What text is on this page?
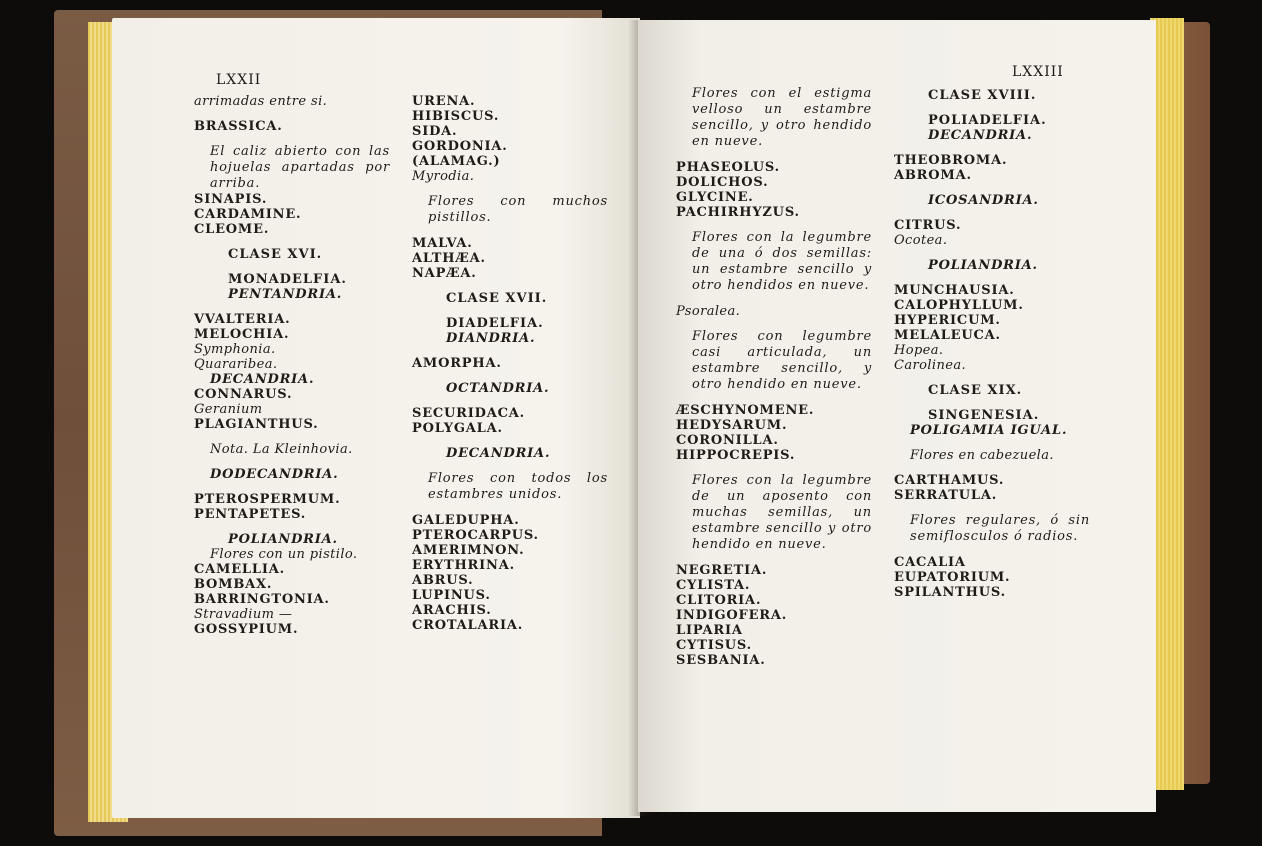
LXXII
arrimadas entre si.
BRASSICA.
El caliz abierto con las hojuelas apartadas por arriba.
SINAPIS.
CARDAMINE.
CLEOME.
CLASE XVI.
MONADELFIA.
PENTANDRIA.
VVALTERIA.
MELOCHIA.
Symphonia.
Quararibea.
DECANDRIA.
CONNARUS.
Geranium
PLAGIANTHUS.
Nota. La Kleinhovia.
DODECANDRIA.
PTEROSPERMUM.
PENTAPETES.
POLIANDRIA.
Flores con un pistilo.
CAMELLIA.
BOMBAX.
BARRINGTONIA.
Stravadium —
GOSSYPIUM.
URENA.
HIBISCUS.
SIDA.
GORDONIA.
(ALAMAG.)
Myrodia.
Flores con muchos pistillos.
MALVA.
ALTHÆA.
NAPÆA.
CLASE XVII.
DIADELFIA.
DIANDRIA.
AMORPHA.
OCTANDRIA.
SECURIDACA.
POLYGALA.
DECANDRIA.
Flores con todos los estambres unidos.
GALEDUPHA.
PTEROCARPUS.
AMERIMNON.
ERYTHRINA.
ABRUS.
LUPINUS.
ARACHIS.
CROTALARIA.
LXXIII
Flores con el estigma velloso un estambre sencillo, y otro hendido en nueve.
PHASEOLUS.
DOLICHOS.
GLYCINE.
PACHIRHYZUS.
Flores con la legumbre de una ó dos semillas: un estambre sencillo y otro hendidos en nueve.
Psoralea.
Flores con legumbre casi articulada, un estambre sencillo, y otro hendido en nueve.
ÆSCHYNOMENE.
HEDYSARUM.
CORONILLA.
HIPPOCREPIS.
Flores con la legumbre de un aposento con muchas semillas, un estambre sencillo y otro hendido en nueve.
NEGRETIA.
CYLISTA.
CLITORIA.
INDIGOFERA.
LIPARIA
CYTISUS.
SESBANIA.
CLASE XVIII.
POLIADELFIA.
DECANDRIA.
THEOBROMA.
ABROMA.
ICOSANDRIA.
CITRUS.
Ocotea.
POLIANDRIA.
MUNCHAUSIA.
CALOPHYLLUM.
HYPERICUM.
MELALEUCA.
Hopea.
Carolinea.
CLASE XIX.
SINGENESIA.
POLIGAMIA IGUAL.
Flores en cabezuela.
CARTHAMUS.
SERRATULA.
Flores regulares, ó sin semiflosculos ó radios.
CACALIA
EUPATORIUM.
SPILANTHUS.
